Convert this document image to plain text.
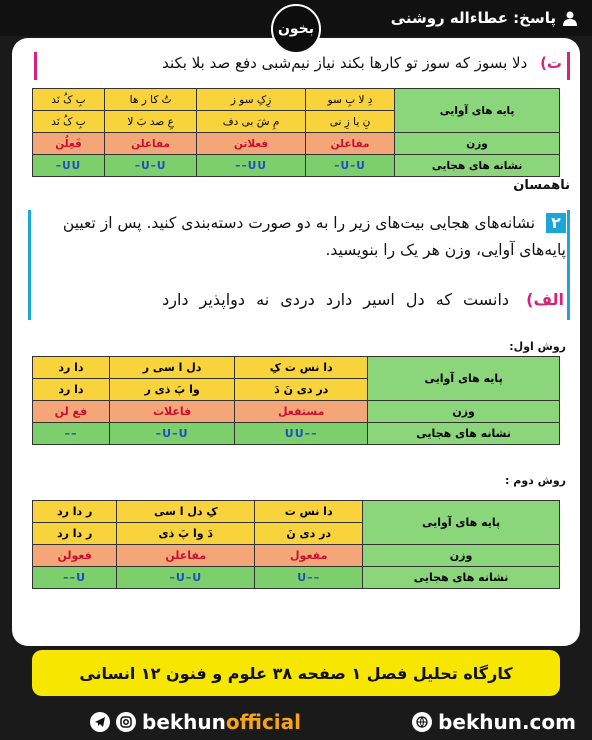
پاسخ: عطاءاله روشنی
بخون
ت) دلا بسوز که سوز تو کارها بکند نیاز نیم‌شبی دفع صد بلا بکند
پایه های آوایی	دِ لا بِ سو	زِکِ سو ز	تُ کا ر ها	بِ کُ نَد
	نِ یا زِ نی	مِ شَ بی دف	عِ صد بَ لا	بِ کُ نَد
وزن	مفاعلن	فعلاتن	مفاعلن	فَعِلُن
نشانه های هجایی	U–U–	UU––	U–U–	UU–
ناهمسان
۲ نشانه‌های هجایی بیت‌های زیر را به دو صورت دسته‌بندی کنید. پس از تعیین پایه‌های آوایی، وزن هر یک را بنویسید.
الف) دانست که دل اسیر دارد دردی نه دواپذیر دارد
روش اول:
پایه های آوایی	دا نس ت کِ	دل ا سی ر	دا رد
	در دی نَ دَ	وا پَ ذی ر	دا رد
وزن	مستفعل	فاعلات	فع لن
نشانه های هجایی	––UU	U–U–	––
روش دوم :
پایه های آوایی	دا نس ت	کِ دل ا سی	ر دا رد
	در دی نَ	دَ وا پَ ذی	ر دا رد
وزن	مفعول	مفاعلن	فعولن
نشانه های هجایی	––U	U–U–	U––
کارگاه تحلیل فصل ۱ صفحه ۳۸ علوم و فنون ۱۲ انسانی
bekhun official	bekhun.com
